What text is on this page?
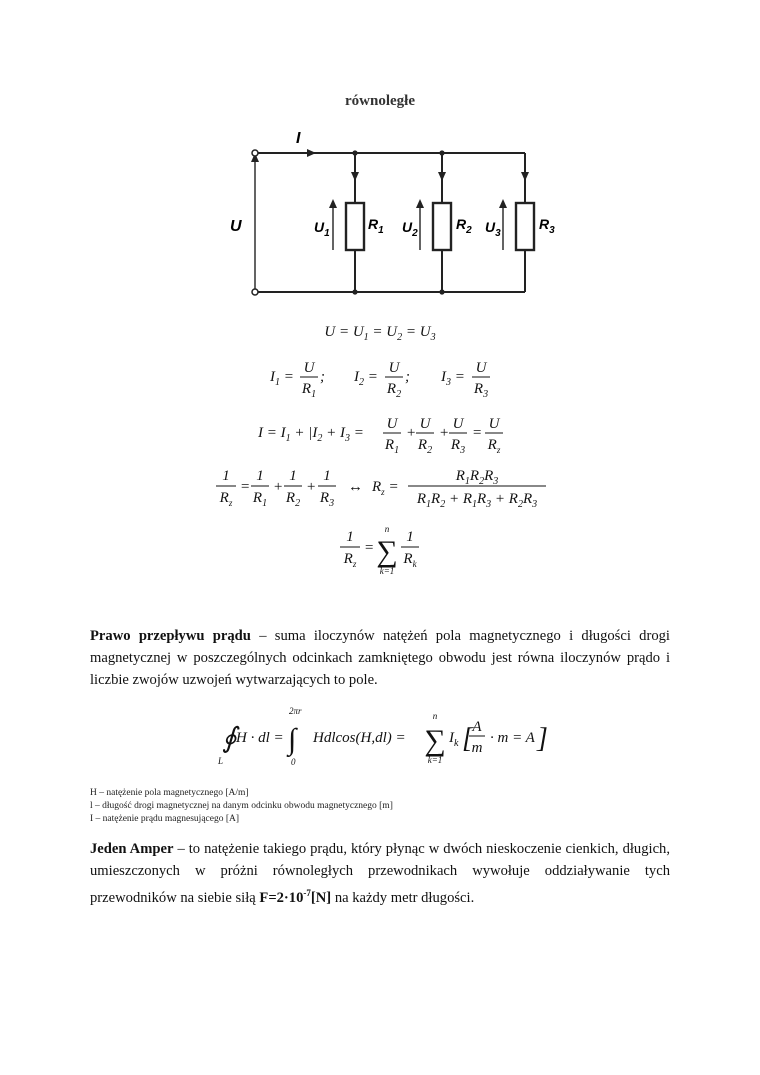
równoległe
I
U	$U_1$
$R_1$ $U_2$
$R_2$ $U_3$
$R_3$
$U = U_1 = U_2 = U_3$
$I_1$ =
U
$R_1$
; $I_2$ =
U
$R_2$
; $I_3$ =
U
$R_3$
$I = I_1 + |I_2 + I_3$ =
U
$R_1$
+
U
$R_2$
+
U
$R_3$
=
U
$R_z$
1
$R_z$
=
1
$R_1$
+
1
$R_2$
+
1
$R_3$
↔ $R_z$ =
$R_1R_2R_3$
$R_1R_2 + R_1R_3 + R_2R_3$
1
$R_z$
= ∑
n
k=1
1
$R_k$
∮
L
H · dl = ∫
2πr
0
Hdlcos(H,dl) = ∑
n
k=1
$I_k$ [ A
m
· m = A ]
Prawo przepływu prądu – suma iloczynów natężeń pola magnetycznego i długości drogi magnetycznej w poszczególnych odcinkach zamkniętego obwodu jest równa iloczynów prądo i liczbie zwojów uzwojeń wytwarzających to pole.
H – natężenie pola magnetycznego [A/m]
l – długość drogi magnetycznej na danym odcinku obwodu magnetycznego [m]
I – natężenie prądu magnesującego [A]
Jeden Amper – to natężenie takiego prądu, który płynąc w dwóch nieskoczenie cienkich, długich, umieszczonych w próżni równoległych przewodnikach wywołuje oddziaływanie tych przewodników na siebie siłą $F=2\cdot 10^{-7}[N]$ na każdy metr długości.
